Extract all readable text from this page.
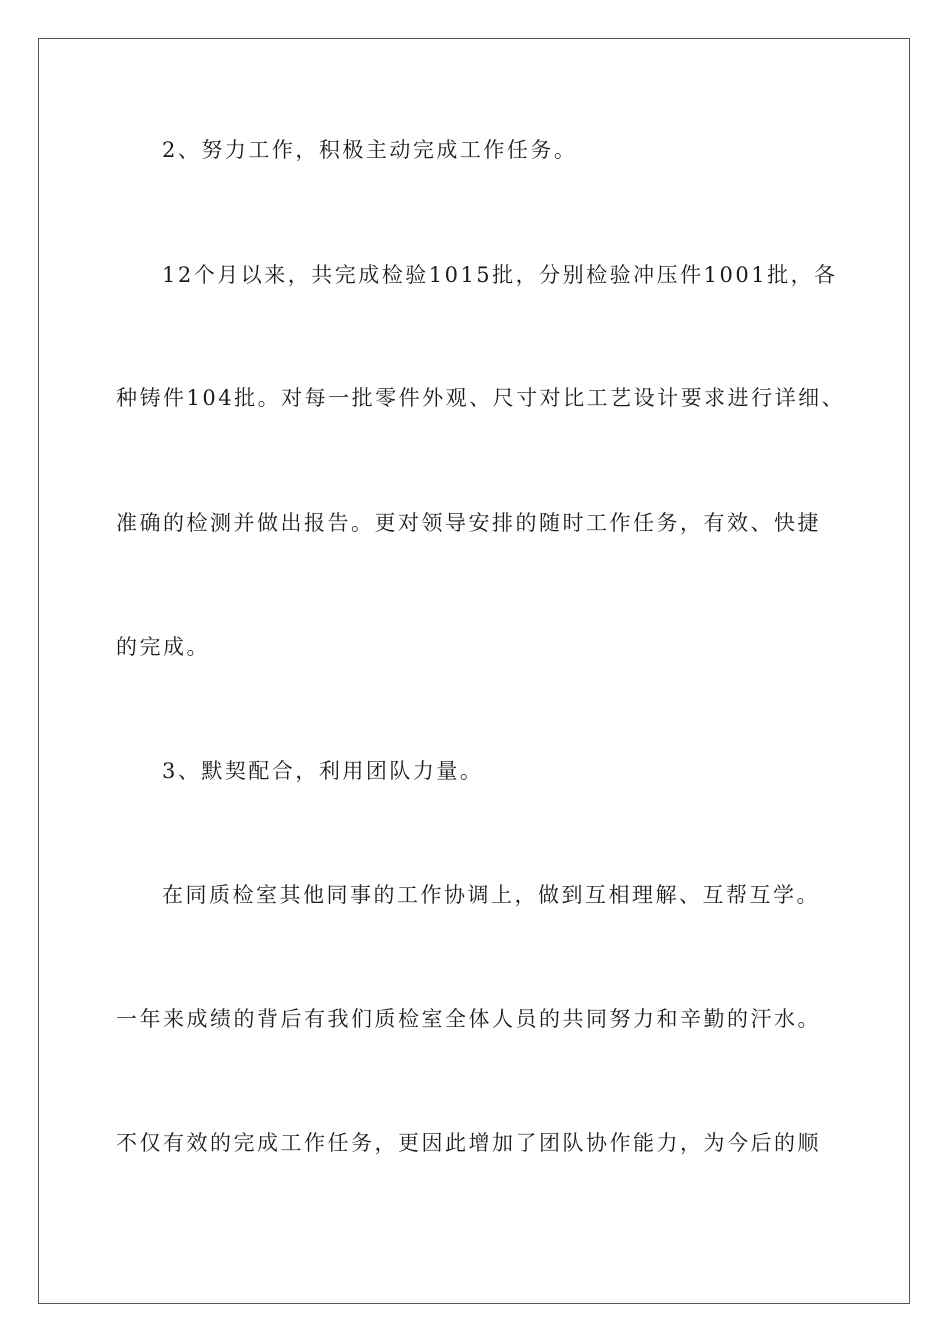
2、努力工作，积极主动完成工作任务。
12个月以来，共完成检验1015批，分别检验冲压件1001批，各
种铸件104批。对每一批零件外观、尺寸对比工艺设计要求进行详细、
准确的检测并做出报告。更对领导安排的随时工作任务，有效、快捷
的完成。
3、默契配合，利用团队力量。
在同质检室其他同事的工作协调上，做到互相理解、互帮互学。
一年来成绩的背后有我们质检室全体人员的共同努力和辛勤的汗水。
不仅有效的完成工作任务，更因此增加了团队协作能力，为今后的顺
